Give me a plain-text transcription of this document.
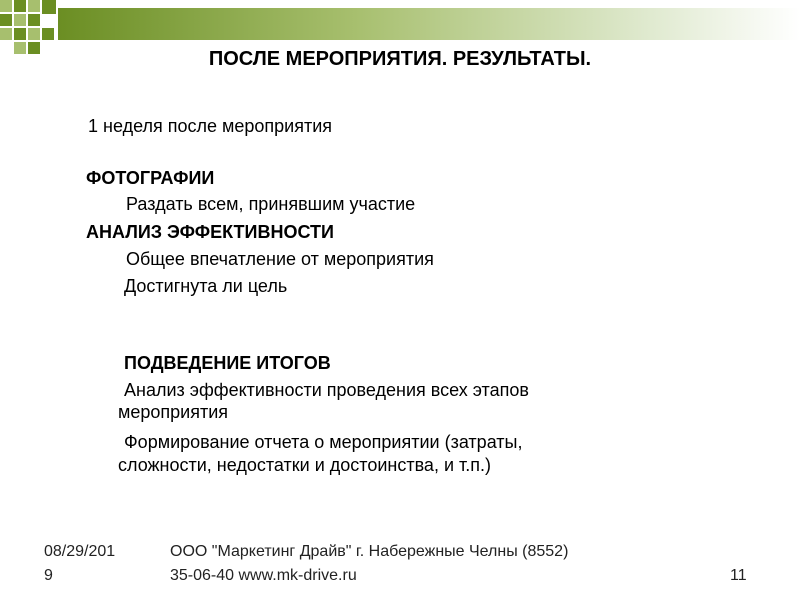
ПОСЛЕ МЕРОПРИЯТИЯ. РЕЗУЛЬТАТЫ.
1 неделя после мероприятия
ФОТОГРАФИИ
Раздать всем, принявшим участие
АНАЛИЗ ЭФФЕКТИВНОСТИ
Общее впечатление от мероприятия
Достигнута ли цель
ПОДВЕДЕНИЕ ИТОГОВ
Анализ эффективности проведения всех этапов
мероприятия
Формирование отчета о мероприятии (затраты,
сложности, недостатки и достоинства, и т.п.)
08/29/201
9
ООО "Маркетинг Драйв" г. Набережные Челны (8552)
35-06-40 www.mk-drive.ru	11
